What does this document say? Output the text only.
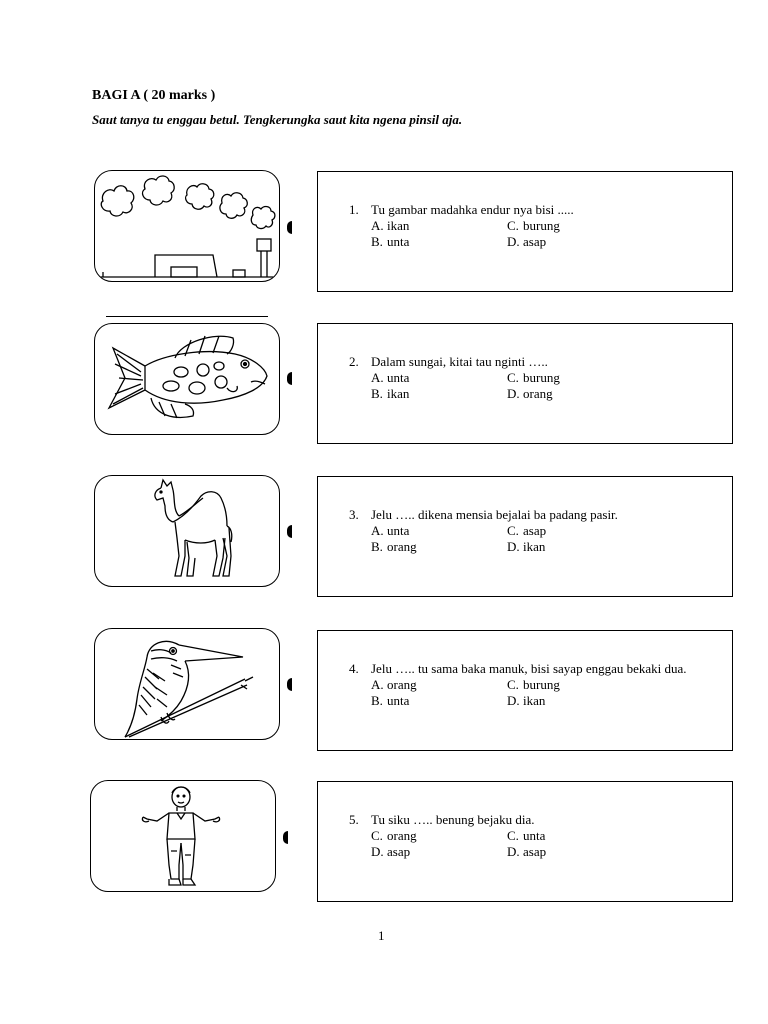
BAGI A ( 20 marks )
Saut tanya tu enggau betul. Tengkerungka saut kita ngena pinsil aja.
1. Tu gambar madahka endur nya bisi .....
A. ikan	C. burung
B. unta	D. asap
2. Dalam sungai, kitai tau nginti …..
A. unta	C. burung
B. ikan	D. orang
3. Jelu ….. dikena mensia bejalai ba padang pasir.
A. unta	C. asap
B. orang	D. ikan
4. Jelu ….. tu sama baka manuk, bisi sayap enggau bekaki dua.
A. orang	C. burung
B. unta	D. ikan
5. Tu siku ….. benung bejaku dia.
C. orang	C. unta
D. asap	D. asap
1
